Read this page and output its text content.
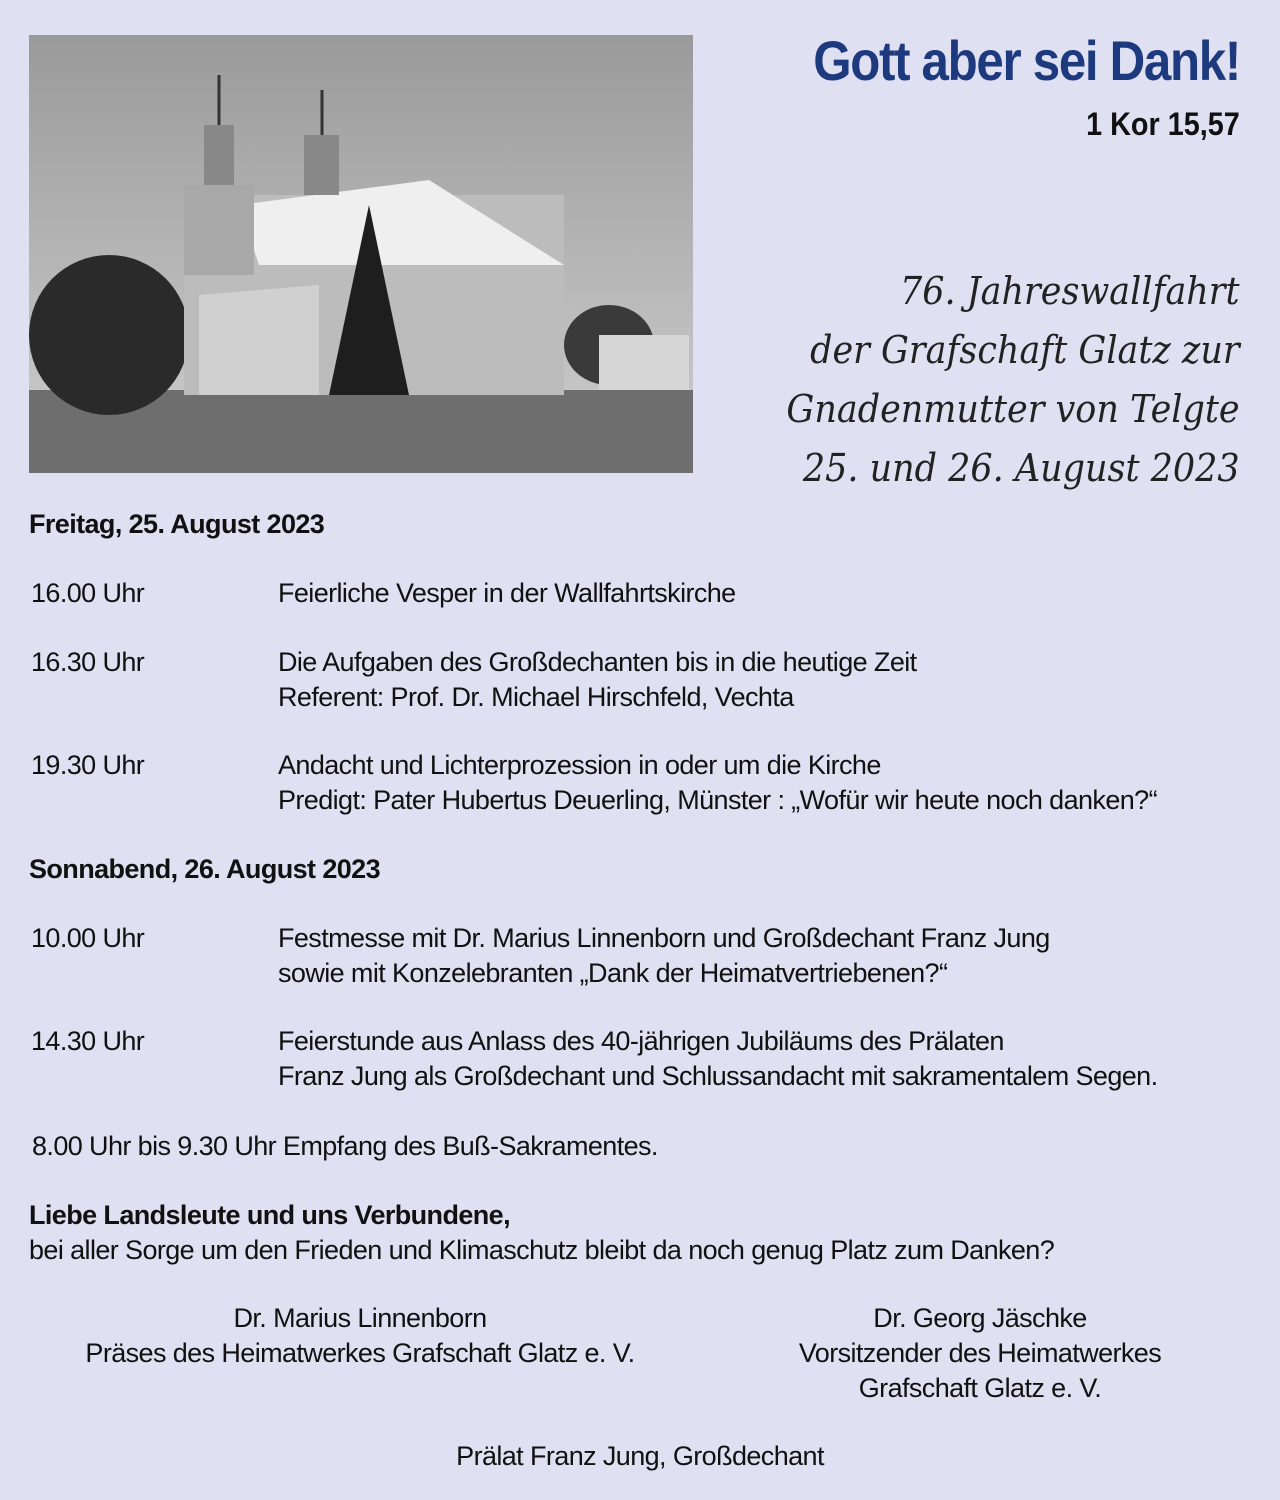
Gott aber sei Dank!
1 Kor 15,57
76. Jahreswallfahrt
der Grafschaft Glatz zur
Gnadenmutter von Telgte
25. und 26. August 2023
Freitag, 25. August 2023
16.00 Uhr	Feierliche Vesper in der Wallfahrtskirche
16.30 Uhr	Die Aufgaben des Großdechanten bis in die heutige Zeit
Referent: Prof. Dr. Michael Hirschfeld, Vechta
19.30 Uhr	Andacht und Lichterprozession in oder um die Kirche
Predigt: Pater Hubertus Deuerling, Münster : „Wofür wir heute noch danken?“
Sonnabend, 26. August 2023
10.00 Uhr	Festmesse mit Dr. Marius Linnenborn und Großdechant Franz Jung
sowie mit Konzelebranten „Dank der Heimatvertriebenen?“
14.30 Uhr	Feierstunde aus Anlass des 40-jährigen Jubiläums des Prälaten
Franz Jung als Großdechant und Schlussandacht mit sakramentalem Segen.
8.00 Uhr bis 9.30 Uhr Empfang des Buß-Sakramentes.
Liebe Landsleute und uns Verbundene,
bei aller Sorge um den Frieden und Klimaschutz bleibt da noch genug Platz zum Danken?
Dr. Marius Linnenborn
Präses des Heimatwerkes Grafschaft Glatz e. V.
Dr. Georg Jäschke
Vorsitzender des Heimatwerkes
Grafschaft Glatz e. V.
Prälat Franz Jung, Großdechant
